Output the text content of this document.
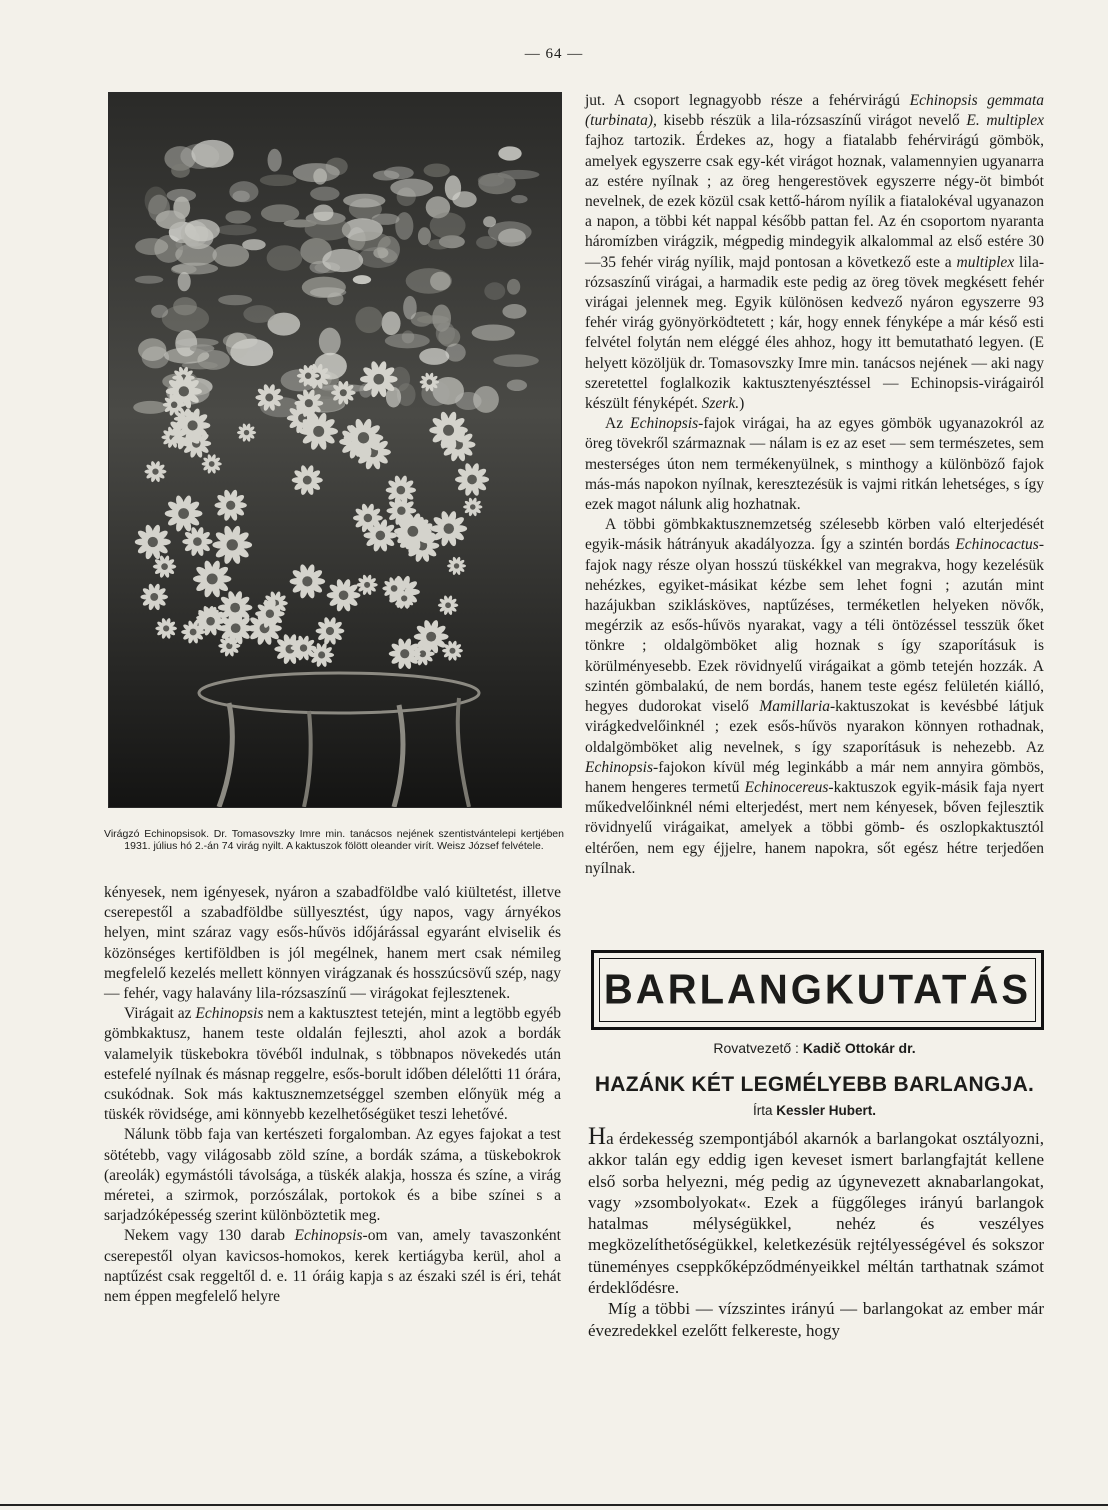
— 64 —
Virágzó Echinopsisok. Dr. Tomasovszky Imre min. tanácsos nejének szentistvántelepi kertjében 1931. július hó 2.-án 74 virág nyilt. A kaktuszok fölött oleander virít. Weisz József felvétele.

kényesek, nem igényesek, nyáron a szabadföldbe való kiültetést, illetve cserepestől a szabadföldbe süllyesztést, úgy napos, vagy árnyékos helyen, mint száraz vagy esős-hűvös időjárással egyaránt elviselik és közönséges kertiföldben is jól megélnek, hanem mert csak némileg megfelelő kezelés mellett könnyen virágzanak és hosszúcsövű szép, nagy — fehér, vagy halavány lila-rózsaszínű — virágokat fejlesztenek.

Virágait az Echinopsis nem a kaktusztest tetején, mint a legtöbb egyéb gömbkaktusz, hanem teste oldalán fejleszti, ahol azok a bordák valamelyik tüskebokra tövéből indulnak, s többnapos növekedés után estefelé nyílnak és másnap reggelre, esős-borult időben délelőtti 11 órára, csukódnak. Sok más kaktusznemzetséggel szemben előnyük még a tüskék rövidsége, ami könnyebb kezelhetőségüket teszi lehetővé.

Nálunk több faja van kertészeti forgalomban. Az egyes fajokat a test sötétebb, vagy világosabb zöld színe, a bordák száma, a tüskebokrok (areolák) egymástóli távolsága, a tüskék alakja, hossza és színe, a virág méretei, a szirmok, porzószálak, portokok és a bibe színei s a sarjadzóképesség szerint különböztetik meg.

Nekem vagy 130 darab Echinopsis-om van, amely tavaszonként cserepestől olyan kavicsos-homokos, kerek kertiágyba kerül, ahol a naptűzést csak reggeltől d. e. 11 óráig kapja s az északi szél is éri, tehát nem éppen megfelelő helyre

jut. A csoport legnagyobb része a fehérvirágú Echinopsis gemmata (turbinata), kisebb részük a lila-rózsaszínű virágot nevelő E. multiplex fajhoz tartozik. Érdekes az, hogy a fiatalabb fehérvirágú gömbök, amelyek egyszerre csak egy-két virágot hoznak, valamennyien ugyanarra az estére nyílnak ; az öreg hengerestövek egyszerre négy-öt bimbót nevelnek, de ezek közül csak kettő-három nyílik a fiatalokéval ugyanazon a napon, a többi két nappal később pattan fel. Az én csoportom nyaranta háromízben virágzik, mégpedig mindegyik alkalommal az első estére 30—35 fehér virág nyílik, majd pontosan a következő este a multiplex lila-rózsaszínű virágai, a harmadik este pedig az öreg tövek megkésett fehér virágai jelennek meg. Egyik különösen kedvező nyáron egyszerre 93 fehér virág gyönyörködtetett ; kár, hogy ennek fényképe a már késő esti felvétel folytán nem eléggé éles ahhoz, hogy itt bemutatható legyen. (E helyett közöljük dr. Tomasovszky Imre min. tanácsos nejének — aki nagy szeretettel foglalkozik kaktusztenyésztéssel — Echinopsis-virágairól készült fényképét. Szerk.)

Az Echinopsis-fajok virágai, ha az egyes gömbök ugyanazokról az öreg tövekről származnak — nálam is ez az eset — sem természetes, sem mesterséges úton nem termékenyülnek, s minthogy a különböző fajok más-más napokon nyílnak, keresztezésük is vajmi ritkán lehetséges, s így ezek magot nálunk alig hozhatnak.

A többi gömbkaktusznemzetség szélesebb körben való elterjedését egyik-másik hátrányuk akadályozza. Így a szintén bordás Echinocactus-fajok nagy része olyan hosszú tüskékkel van megrakva, hogy kezelésük nehézkes, egyiket-másikat kézbe sem lehet fogni ; azután mint hazájukban sziklásköves, naptűzéses, terméketlen helyeken növők, megérzik az esős-hűvös nyarakat, vagy a téli öntözéssel tesszük őket tönkre ; oldalgömböket alig hoznak s így szaporításuk is körülményesebb. Ezek rövidnyelű virágaikat a gömb tetején hozzák. A szintén gömbalakú, de nem bordás, hanem teste egész felületén kiálló, hegyes dudorokat viselő Mamillaria-kaktuszokat is kevésbbé látjuk virágkedvelőinknél ; ezek esős-hűvös nyarakon könnyen rothadnak, oldalgömböket alig nevelnek, s így szaporításuk is nehezebb. Az Echinopsis-fajokon kívül még leginkább a már nem annyira gömbös, hanem hengeres termetű Echinocereus-kaktuszok egyik-másik faja nyert műkedvelőinknél némi elterjedést, mert nem kényesek, bőven fejlesztik rövidnyelű virágaikat, amelyek a többi gömb- és oszlopkaktusztól eltérően, nem egy éjjelre, hanem napokra, sőt egész hétre terjedően nyílnak.

BARLANGKUTATÁS
Rovatvezető : Kadič Ottokár dr.
HAZÁNK KÉT LEGMÉLYEBB BARLANGJA.
Írta Kessler Hubert.

Ha érdekesség szempontjából akarnók a barlangokat osztályozni, akkor talán egy eddig igen keveset ismert barlangfajtát kellene első sorba helyezni, még pedig az úgynevezett aknabarlangokat, vagy »zsombolyokat«. Ezek a függőleges irányú barlangok hatalmas mélységükkel, nehéz és veszélyes megközelíthetőségükkel, keletkezésük rejtélyességével és sokszor tüneményes cseppkőképződményeikkel méltán tarthatnak számot érdeklődésre.

Míg a többi — vízszintes irányú — barlangokat az ember már évezredekkel ezelőtt felkereste, hogy
